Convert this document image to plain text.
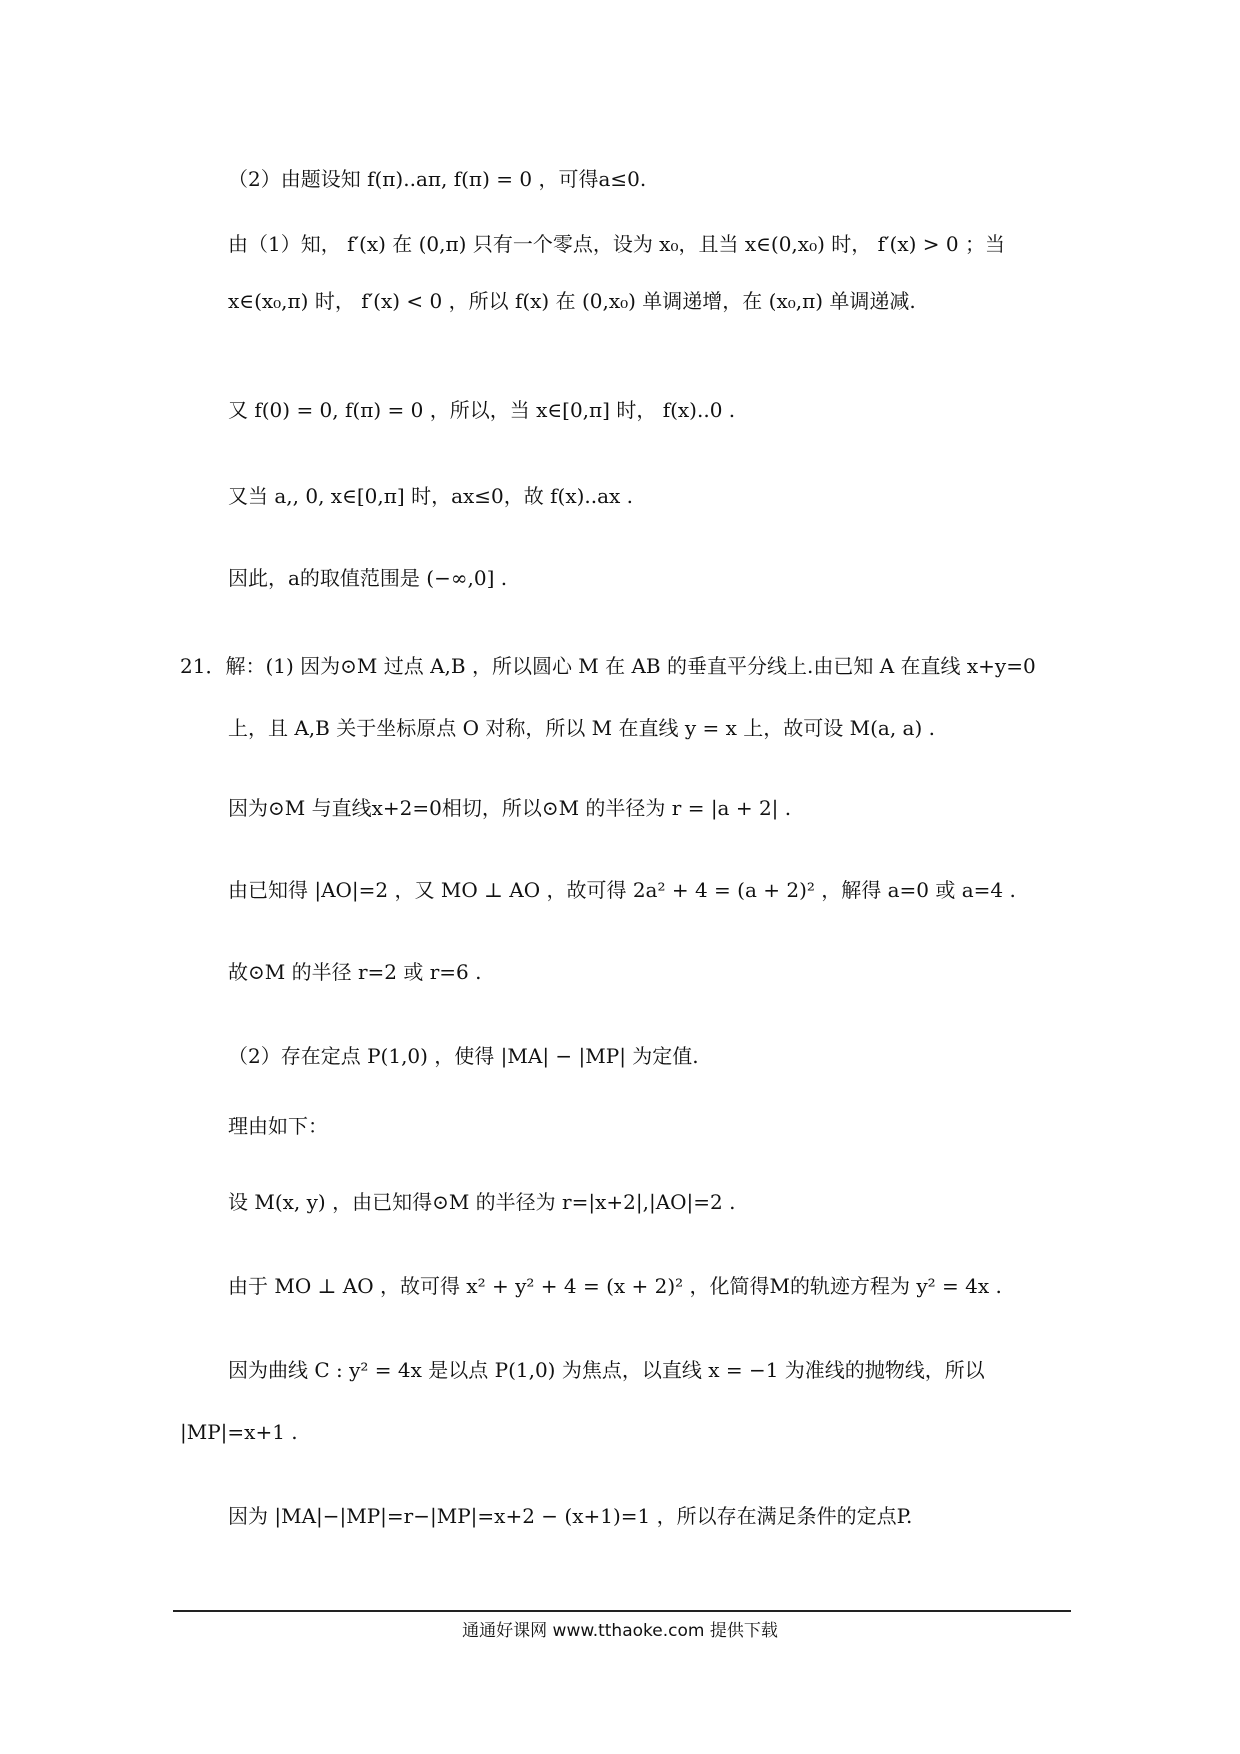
（2）由题设知 f(π)..aπ, f(π) = 0 ，可得a≤0.
由（1）知， f′(x) 在 (0,π) 只有一个零点，设为 x₀，且当 x∈(0,x₀) 时， f′(x) > 0 ；当
x∈(x₀,π) 时， f′(x) < 0 ，所以 f(x) 在 (0,x₀) 单调递增，在 (x₀,π) 单调递减.
又 f(0) = 0, f(π) = 0 ，所以，当 x∈[0,π] 时， f(x)..0 .
又当 a,, 0, x∈[0,π] 时，ax≤0，故 f(x)..ax .
因此，a的取值范围是 (−∞,0] .
21．解：(1) 因为⊙M 过点 A,B ，所以圆心 M 在 AB 的垂直平分线上.由已知 A 在直线 x+y=0
上，且 A,B 关于坐标原点 O 对称，所以 M 在直线 y = x 上，故可设 M(a, a) .
因为⊙M 与直线x+2=0相切，所以⊙M 的半径为 r = |a + 2| .
由已知得 |AO|=2 ，又 MO ⊥ AO ，故可得 2a² + 4 = (a + 2)² ，解得 a=0 或 a=4 .
故⊙M 的半径 r=2 或 r=6 .
（2）存在定点 P(1,0) ，使得 |MA| − |MP| 为定值.
理由如下：
设 M(x, y) ，由已知得⊙M 的半径为 r=|x+2|,|AO|=2 .
由于 MO ⊥ AO ，故可得 x² + y² + 4 = (x + 2)² ，化简得M的轨迹方程为 y² = 4x .
因为曲线 C : y² = 4x 是以点 P(1,0) 为焦点，以直线 x = −1 为准线的抛物线，所以
|MP|=x+1 .
因为 |MA|−|MP|=r−|MP|=x+2 − (x+1)=1 ，所以存在满足条件的定点P.
通通好课网 www.tthaoke.com 提供下载
